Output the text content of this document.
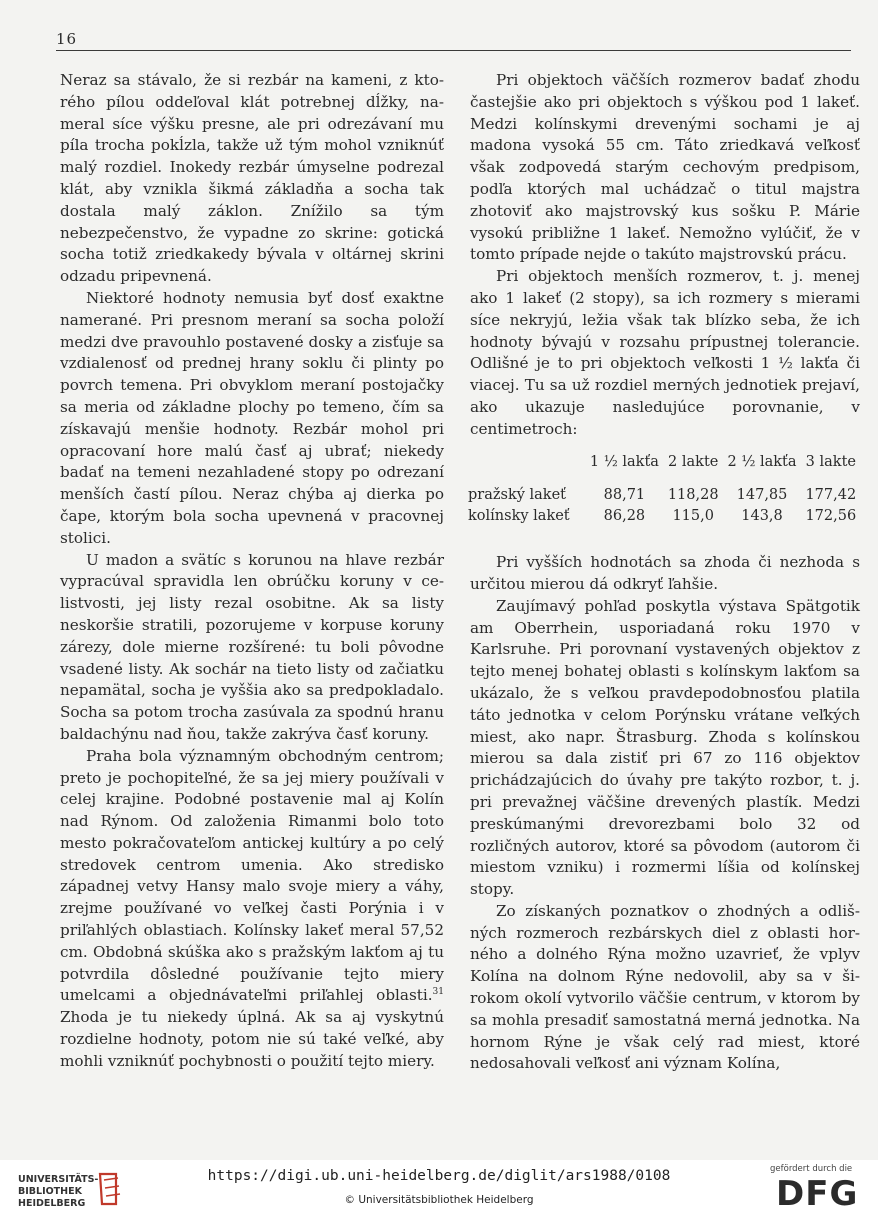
16

Neraz sa stávalo, že si rezbár na kameni, z ktorého pílou oddeľoval klát potrebnej dĺžky, nameral síce výšku presne, ale pri odrezávaní mu píla trocha pokĺzla, takže už tým mohol vzniknúť malý rozdiel. Inokedy rezbár úmyselne podrezal klát, aby vznikla šikmá základňa a socha tak dostala malý záklon. Znížilo sa tým nebezpečenstvo, že vypadne zo skrine: gotická socha totiž zriedkakedy bývala v oltárnej skrini odzadu pripevnená.

Niektoré hodnoty nemusia byť dosť exaktne namerané. Pri presnom meraní sa socha položí medzi dve pravouhlo postavené dosky a zisťuje sa vzdialenosť od prednej hrany soklu či plinty po povrch temena. Pri obvyklom meraní postojačky sa meria od základne plochy po temeno, čím sa získavajú menšie hodnoty. Rezbár mohol pri opracovaní hore malú časť aj ubrať; niekedy badať na temeni nezahladené stopy po odrezaní menších častí pílou. Neraz chýba aj dierka po čape, ktorým bola socha upevnená v pracovnej stolici.

U madon a svätíc s korunou na hlave rezbár vypracúval spravidla len obrúčku koruny v celistvosti, jej listy rezal osobitne. Ak sa listy neskoršie stratili, pozorujeme v korpuse koruny zárezy, dole mierne rozšírené: tu boli pôvodne vsadené listy. Ak sochár na tieto listy od začiatku nepamätal, socha je vyššia ako sa predpokladalo. Socha sa potom trocha zasúvala za spodnú hranu baldachýnu nad ňou, takže zakrýva časť koruny.

Praha bola významným obchodným centrom; preto je pochopiteľné, že sa jej miery používali v celej krajine. Podobné postavenie mal aj Kolín nad Rýnom. Od založenia Rimanmi bolo toto mesto pokračovateľom antickej kultúry a po celý stredovek centrom umenia. Ako stredisko západnej vetvy Hansy malo svoje miery a váhy, zrejme používané vo veľkej časti Porýnia i v priľahlých oblastiach. Kolínsky lakeť meral 57,52 cm. Obdobná skúška ako s pražským lakťom aj tu potvrdila dôsledné používanie tejto miery umelcami a objednávateľmi priľahlej oblasti.$^{31}$ Zhoda je tu niekedy úplná. Ak sa aj vyskytnú rozdielne hodnoty, potom nie sú také veľké, aby mohli vzniknúť pochybnosti o použití tejto miery.

Pri objektoch väčších rozmerov badať zhodu častejšie ako pri objektoch s výškou pod 1 lakeť. Medzi kolínskymi drevenými sochami je aj madona vysoká 55 cm. Táto zriedkavá veľkosť však zodpovedá starým cechovým predpisom, podľa ktorých mal uchádzač o titul majstra zhotoviť ako majstrovský kus sošku P. Márie vysokú približne 1 lakeť. Nemožno vylúčiť, že v tomto prípade nejde o takúto majstrovskú prácu.

Pri objektoch menších rozmerov, t. j. menej ako 1 lakeť (2 stopy), sa ich rozmery s mierami síce nekryjú, ležia však tak blízko seba, že ich hodnoty bývajú v rozsahu prípustnej tolerancie. Odlišné je to pri objektoch veľkosti 1 ½ lakťa či viacej. Tu sa už rozdiel merných jednotiek prejaví, ako ukazuje nasledujúce porovnanie, v centimetroch:

	1 ½ lakťa	2 lakte	2 ½ lakťa	3 lakte
pražský lakeť	88,71	118,28	147,85	177,42
kolínsky lakeť	86,28	115,0	143,8	172,56

Pri vyšších hodnotách sa zhoda či nezhoda s určitou mierou dá odkryť ľahšie.

Zaujímavý pohľad poskytla výstava Spätgotik am Oberrhein, usporiadaná roku 1970 v Karlsruhe. Pri porovnaní vystavených objektov z tejto menej bohatej oblasti s kolínskym lakťom sa ukázalo, že s veľkou pravdepodobnosťou platila táto jednotka v celom Porýnsku vrátane veľkých miest, ako napr. Štrasburg. Zhoda s kolínskou mierou sa dala zistiť pri 67 zo 116 objektov prichádzajúcich do úvahy pre takýto rozbor, t. j. pri prevažnej väčšine drevených plastík. Medzi preskúmanými drevorezbami bolo 32 od rozličných autorov, ktoré sa pôvodom (autorom či miestom vzniku) i rozmermi líšia od kolínskej stopy.

Zo získaných poznatkov o zhodných a odlišných rozmeroch rezbárskych diel z oblasti horného a dolného Rýna možno uzavrieť, že vplyv Kolína na dolnom Rýne nedovolil, aby sa v širokom okolí vytvorilo väčšie centrum, v ktorom by sa mohla presadiť samostatná merná jednotka. Na hornom Rýne je však celý rad miest, ktoré nedosahovali veľkosť ani význam Kolína,

UNIVERSITÄTS-
BIBLIOTHEK
HEIDELBERG
https://digi.ub.uni-heidelberg.de/diglit/ars1988/0108
© Universitätsbibliothek Heidelberg
gefördert durch die
DFG
